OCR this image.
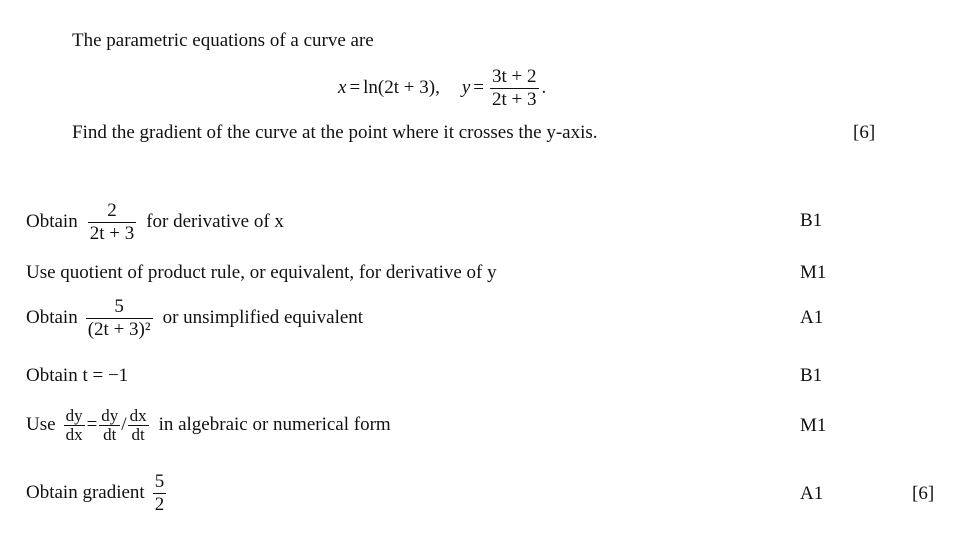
The parametric equations of a curve are
x = ln(2t + 3), $y = \frac{3t + 2}{2t + 3}$ .
Find the gradient of the curve at the point where it crosses the y-axis.	[6]
Obtain $\frac{2}{2t + 3}$ for derivative of x	B1
Use quotient of product rule, or equivalent, for derivative of y	M1
Obtain $\frac{5}{\text{(2t + 3)²}}$ or unsimplified equivalent	A1
Obtain t = −1	B1
Use $\frac{dy}{dx} = \frac{dy}{dt} / \frac{dx}{dt}$ in algebraic or numerical form	M1
Obtain gradient $\frac{5}{2}$	A1	[6]
